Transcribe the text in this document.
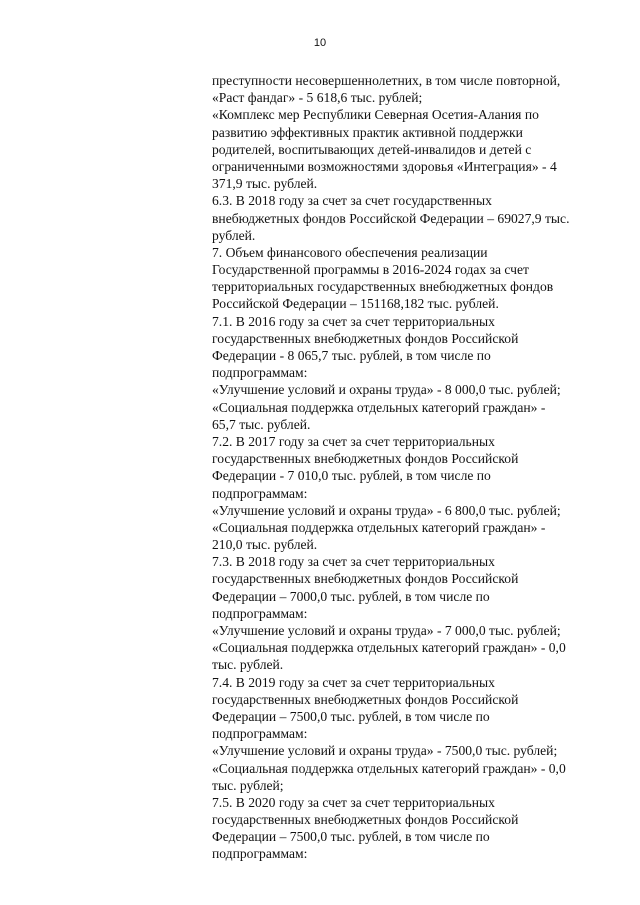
10
преступности несовершеннолетних, в том числе повторной,
«Раст фандаг» - 5 618,6 тыс. рублей;
«Комплекс мер Республики Северная Осетия-Алания по
развитию эффективных практик активной поддержки
родителей, воспитывающих детей-инвалидов и детей с
ограниченными возможностями здоровья «Интеграция» - 4
371,9 тыс. рублей.
6.3. В 2018 году за счет за счет государственных
внебюджетных фондов Российской Федерации – 69027,9 тыс.
рублей.
7. Объем финансового обеспечения реализации
Государственной программы в 2016-2024 годах за счет
территориальных государственных внебюджетных фондов
Российской Федерации – 151168,182 тыс. рублей.
7.1. В 2016 году за счет за счет территориальных
государственных внебюджетных фондов Российской
Федерации - 8 065,7 тыс. рублей, в том числе по
подпрограммам:
«Улучшение условий и охраны труда» - 8 000,0 тыс. рублей;
«Социальная поддержка отдельных категорий граждан» -
65,7 тыс. рублей.
7.2. В 2017 году за счет за счет территориальных
государственных внебюджетных фондов Российской
Федерации - 7 010,0 тыс. рублей, в том числе по
подпрограммам:
«Улучшение условий и охраны труда» - 6 800,0 тыс. рублей;
«Социальная поддержка отдельных категорий граждан» -
210,0 тыс. рублей.
7.3. В 2018 году за счет за счет территориальных
государственных внебюджетных фондов Российской
Федерации – 7000,0 тыс. рублей, в том числе по
подпрограммам:
«Улучшение условий и охраны труда» - 7 000,0 тыс. рублей;
«Социальная поддержка отдельных категорий граждан» - 0,0
тыс. рублей.
7.4. В 2019 году за счет за счет территориальных
государственных внебюджетных фондов Российской
Федерации – 7500,0 тыс. рублей, в том числе по
подпрограммам:
«Улучшение условий и охраны труда» - 7500,0 тыс. рублей;
«Социальная поддержка отдельных категорий граждан» - 0,0
тыс. рублей;
7.5. В 2020 году за счет за счет территориальных
государственных внебюджетных фондов Российской
Федерации – 7500,0 тыс. рублей, в том числе по
подпрограммам:
